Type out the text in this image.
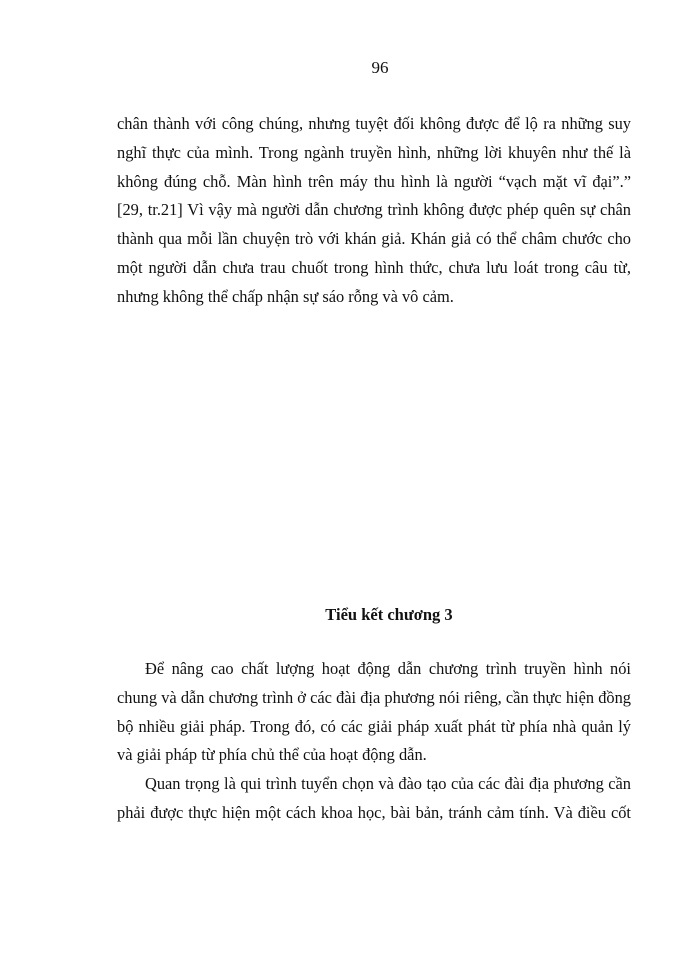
96
chân thành với công chúng, nhưng tuyệt đối không được để lộ ra những suy
nghĩ thực của mình. Trong ngành truyền hình, những lời khuyên như thế là
không đúng chỗ. Màn hình trên máy thu hình là người “vạch mặt vĩ đại”.”
[29, tr.21] Vì vậy mà người dẫn chương trình không được phép quên sự chân
thành qua mỗi lần chuyện trò với khán giả. Khán giả có thể châm chước cho
một người dẫn chưa trau chuốt trong hình thức, chưa lưu loát trong câu từ,
nhưng không thể chấp nhận sự sáo rỗng và vô cảm.
Tiểu kết chương 3
Để nâng cao chất lượng hoạt động dẫn chương trình truyền hình nói
chung và dẫn chương trình ở các đài địa phương nói riêng, cần thực hiện đồng
bộ nhiều giải pháp. Trong đó, có các giải pháp xuất phát từ phía nhà quản lý
và giải pháp từ phía chủ thể của hoạt động dẫn.
Quan trọng là qui trình tuyển chọn và đào tạo của các đài địa phương cần
phải được thực hiện một cách khoa học, bài bản, tránh cảm tính. Và điều cốt
